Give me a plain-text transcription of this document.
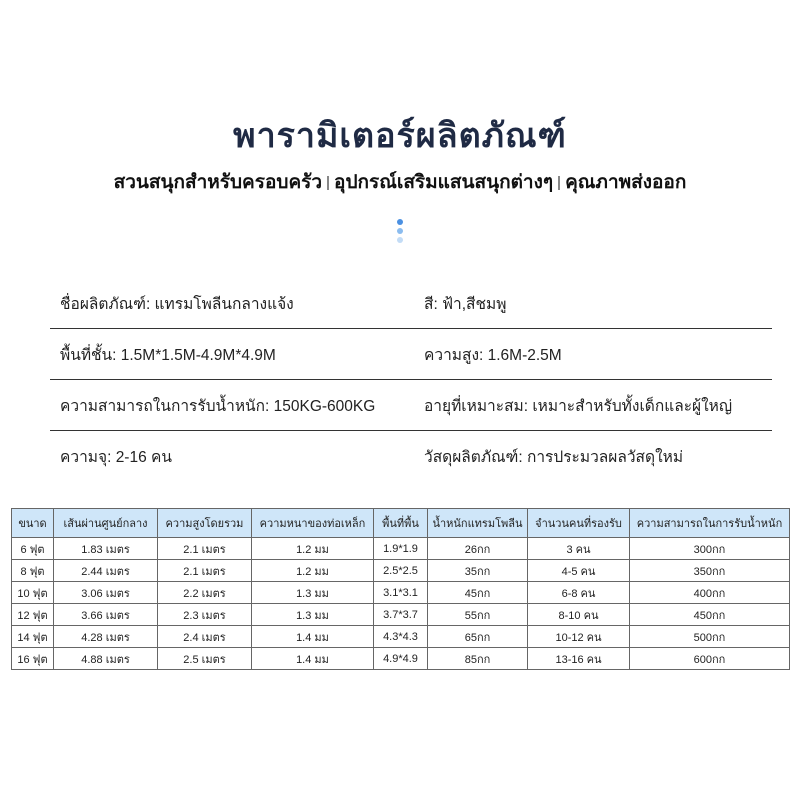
พารามิเตอร์ผลิตภัณฑ์
สวนสนุกสำหรับครอบครัว อุปกรณ์เสริมแสนสนุกต่างๆ คุณภาพส่งออก
ชื่อผลิตภัณฑ์: แทรมโพลีนกลางแจ้ง	สี: ฟ้า,สีชมพู
พื้นที่ชั้น: 1.5M*1.5M-4.9M*4.9M	ความสูง: 1.6M-2.5M
ความสามารถในการรับน้ำหนัก: 150KG-600KG	อายุที่เหมาะสม: เหมาะสำหรับทั้งเด็กและผู้ใหญ่
ความจุ: 2-16 คน	วัสดุผลิตภัณฑ์: การประมวลผลวัสดุใหม่
ขนาด	เส้นผ่านศูนย์กลาง	ความสูงโดยรวม	ความหนาของท่อเหล็ก	พื้นที่พื้น	น้ำหนักแทรมโพลีน	จำนวนคนที่รองรับ	ความสามารถในการรับน้ำหนัก
6 ฟุต	1.83 เมตร	2.1 เมตร	1.2 มม	1.9*1.9	26กก	3 คน	300กก
8 ฟุต	2.44 เมตร	2.1 เมตร	1.2 มม	2.5*2.5	35กก	4-5 คน	350กก
10 ฟุต	3.06 เมตร	2.2 เมตร	1.3 มม	3.1*3.1	45กก	6-8 คน	400กก
12 ฟุต	3.66 เมตร	2.3 เมตร	1.3 มม	3.7*3.7	55กก	8-10 คน	450กก
14 ฟุต	4.28 เมตร	2.4 เมตร	1.4 มม	4.3*4.3	65กก	10-12 คน	500กก
16 ฟุต	4.88 เมตร	2.5 เมตร	1.4 มม	4.9*4.9	85กก	13-16 คน	600กก
